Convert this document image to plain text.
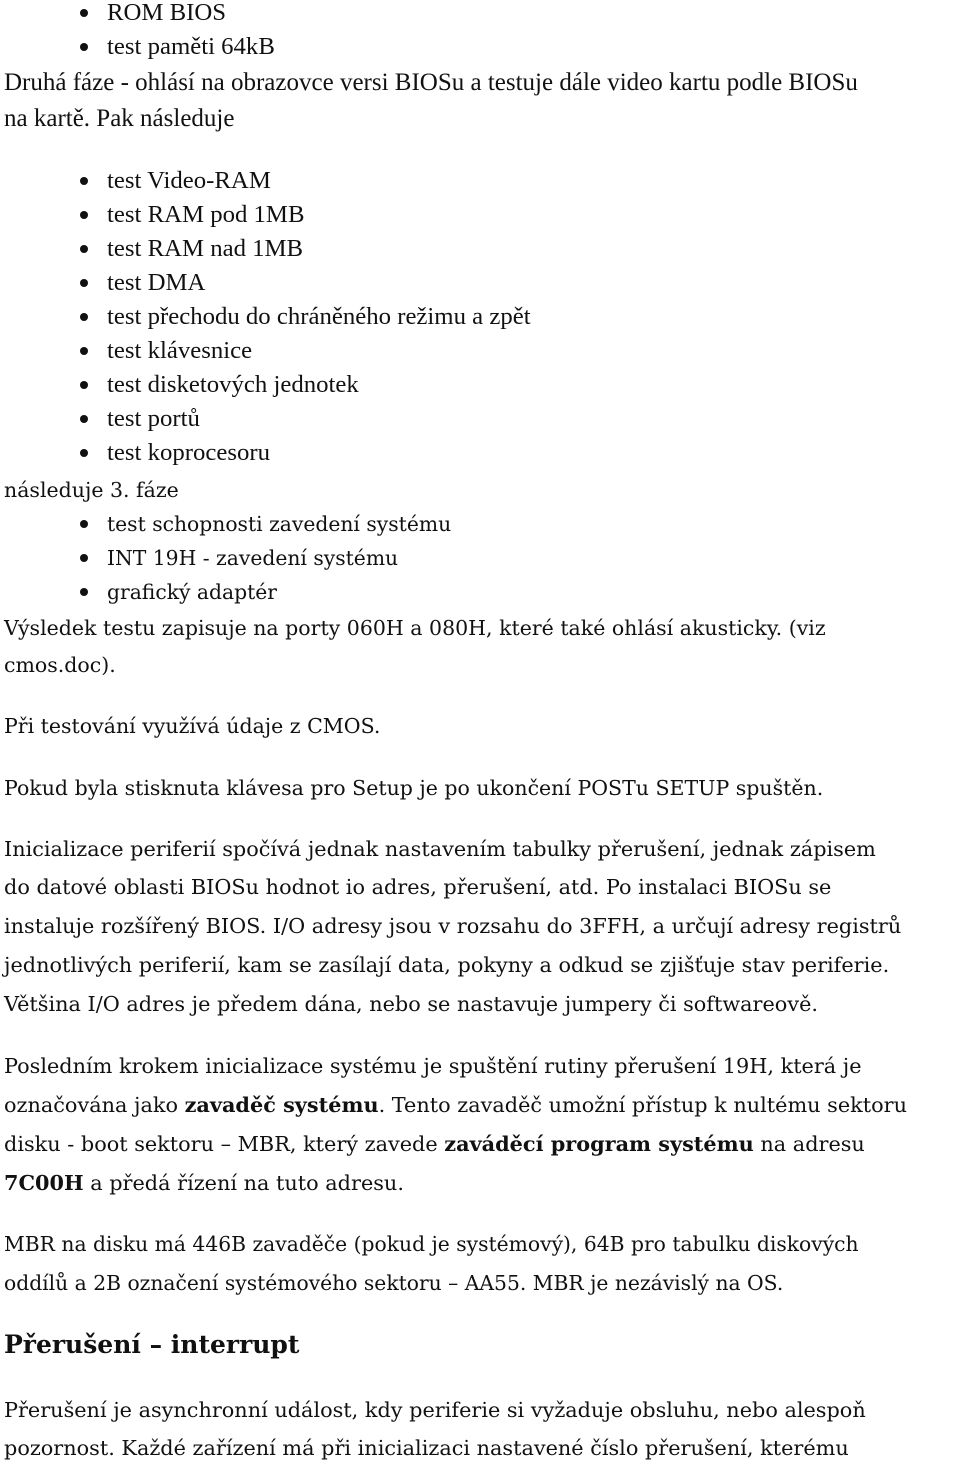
ROM BIOS
test paměti 64kB

Druhá fáze - ohlásí na obrazovce versi BIOSu a testuje dále video kartu podle BIOSu

na kartě. Pak následuje

test Video-RAM
test RAM pod 1MB
test RAM nad 1MB
test DMA
test přechodu do chráněného režimu a zpět
test klávesnice
test disketových jednotek
test portů
test koprocesoru

následuje 3. fáze

test schopnosti zavedení systému
INT 19H - zavedení systému
grafický adaptér

Výsledek testu zapisuje na porty 060H a 080H, které také ohlásí akusticky. (viz

cmos.doc).

Při testování využívá údaje z CMOS.

Pokud byla stisknuta klávesa pro Setup je po ukončení POSTu SETUP spuštěn.

Inicializace periferií spočívá jednak nastavením tabulky přerušení, jednak zápisem

do datové oblasti BIOSu hodnot io adres, přerušení, atd. Po instalaci BIOSu se

instaluje rozšířený BIOS. I/O adresy jsou v rozsahu do 3FFH, a určují adresy registrů

jednotlivých periferií, kam se zasílají data, pokyny a odkud se zjišťuje stav periferie.

Většina I/O adres je předem dána, nebo se nastavuje jumpery či softwareově.

Posledním krokem inicializace systému je spuštění rutiny přerušení 19H, která je

označována jako zavaděč systému. Tento zavaděč umožní přístup k nultému sektoru

disku - boot sektoru – MBR, který zavede zaváděcí program systému na adresu

7C00H a předá řízení na tuto adresu.

MBR na disku má 446B zavaděče (pokud je systémový), 64B pro tabulku diskových

oddílů a 2B označení systémového sektoru – AA55. MBR je nezávislý na OS.

Přerušení – interrupt

Přerušení je asynchronní událost, kdy periferie si vyžaduje obsluhu, nebo alespoň

pozornost. Každé zařízení má při inicializaci nastavené číslo přerušení, kterému
